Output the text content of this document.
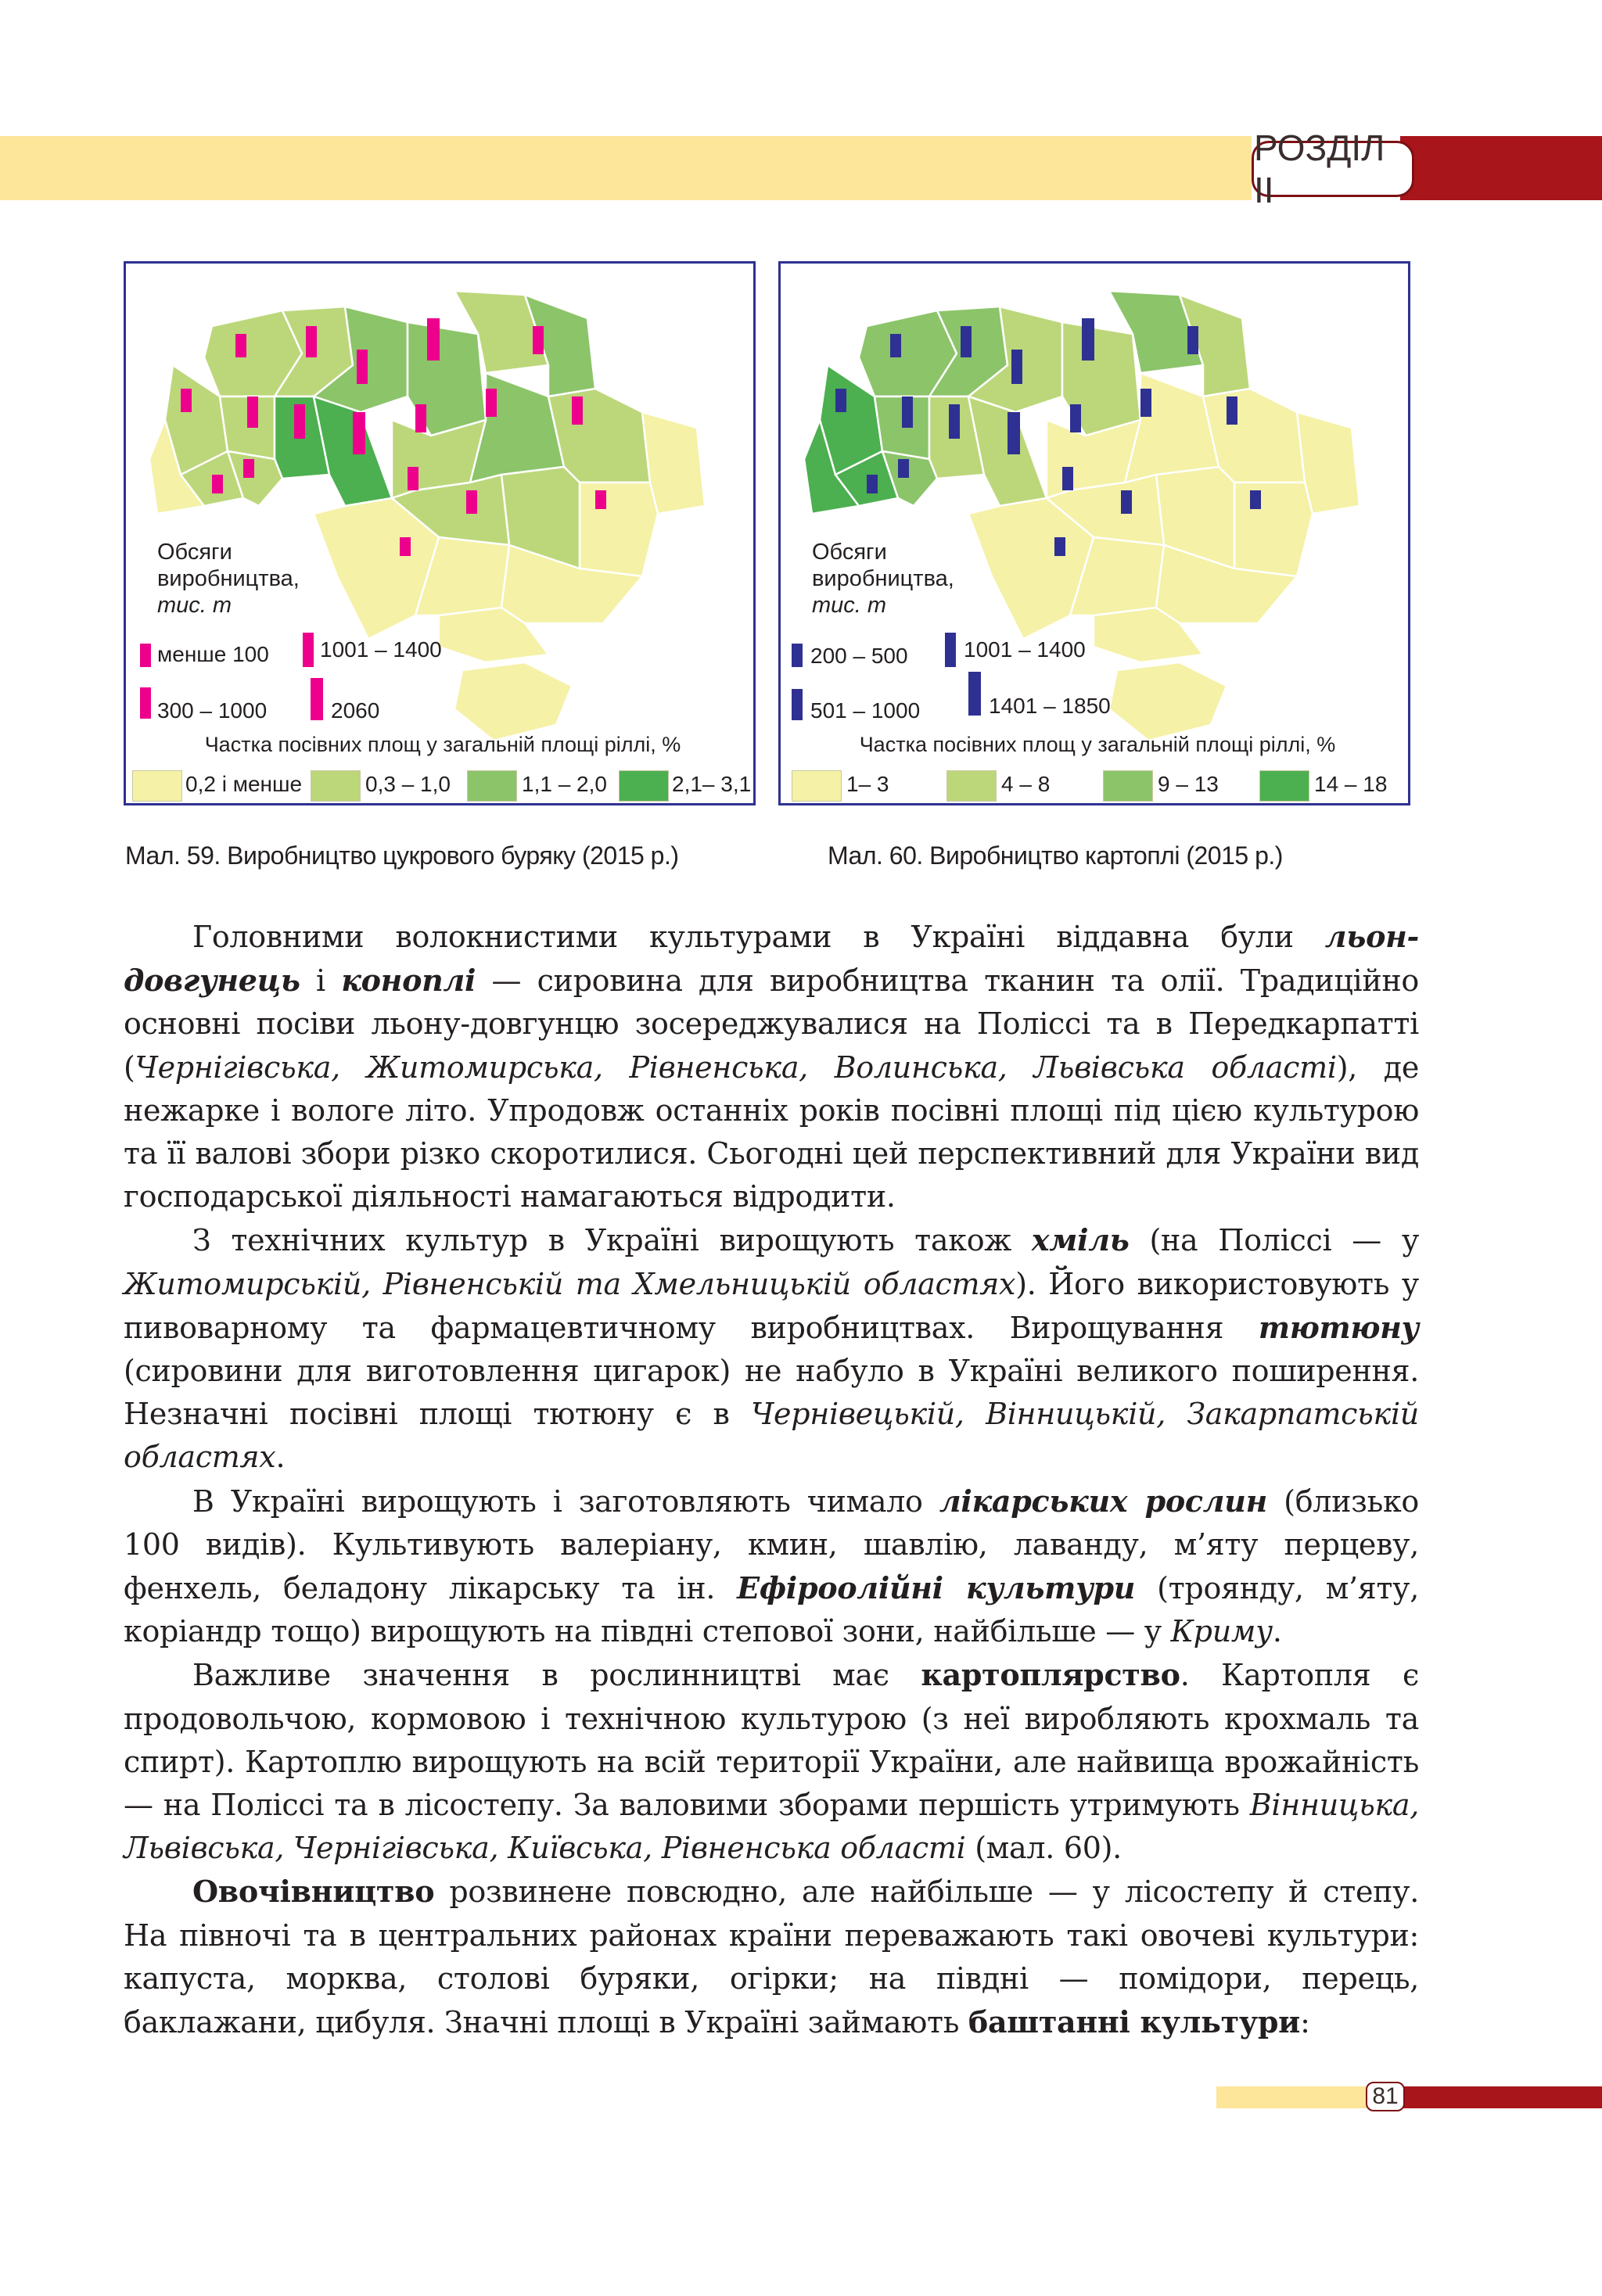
РОЗДІЛ ІІ
Обсяги
виробництва,
тис. т
менше 100 1001 – 1400
300 – 1000	2060
Частка посівних площ у загальній площі ріллі, %
0,2 і менше	0,3 – 1,0	1,1 – 2,0	2,1– 3,1
Обсяги
виробництва,
тис. т
200 – 500	1001 – 1400
501 – 1000	1401 – 1850
Частка посівних площ у загальній площі ріллі, %
1– 3	4 – 8	9 – 13	14 – 18
Мал. 59. Виробництво цукрового буряку (2015 р.)	Мал. 60. Виробництво картоплі (2015 р.)

Головними волокнистими культурами в Україні віддавна були льон-довгунець і коноплі — сировина для виробництва тканин та олії. Традиційно основні посіви льону-довгунцю зосереджувалися на Поліссі та в Передкарпатті (Чернігівська, Житомирська, Рівненська, Волинська, Львівська області), де нежарке і вологе літо. Упродовж останніх років посівні площі під цією культурою та її валові збори різко скоротилися. Сьогодні цей перспективний для України вид господарської діяльності намагаються відродити.

З технічних культур в Україні вирощують також хміль (на Поліссі — у Житомирській, Рівненській та Хмельницькій областях). Його використовують у пивоварному та фармацевтичному виробництвах. Вирощування тютюну (сировини для виготовлення цигарок) не набуло в Україні великого поширення. Незначні посівні площі тютюну є в Чернівецькій, Вінницькій, Закарпатській областях.

В Україні вирощують і заготовляють чимало лікарських рослин (близько 100 видів). Культивують валеріану, кмин, шавлію, лаванду, м’яту перцеву, фенхель, беладону лікарську та ін. Ефіроолійні культури (троянду, м’яту, коріандр тощо) вирощують на півдні степової зони, найбільше — у Криму.

Важливе значення в рослинництві має картоплярство. Картопля є продовольчою, кормовою і технічною культурою (з неї виробляють крохмаль та спирт). Картоплю вирощують на всій території України, але найвища врожайність — на Поліссі та в лісостепу. За валовими зборами першість утримують Вінницька, Львівська, Чернігівська, Київська, Рівненська області (мал. 60).

Овочівництво розвинене повсюдно, але найбільше — у лісостепу й степу. На півночі та в центральних районах країни переважають такі овочеві культури: капуста, морква, столові буряки, огірки; на півдні — помідори, перець, баклажани, цибуля. Значні площі в Україні займають баштанні культури:

81
